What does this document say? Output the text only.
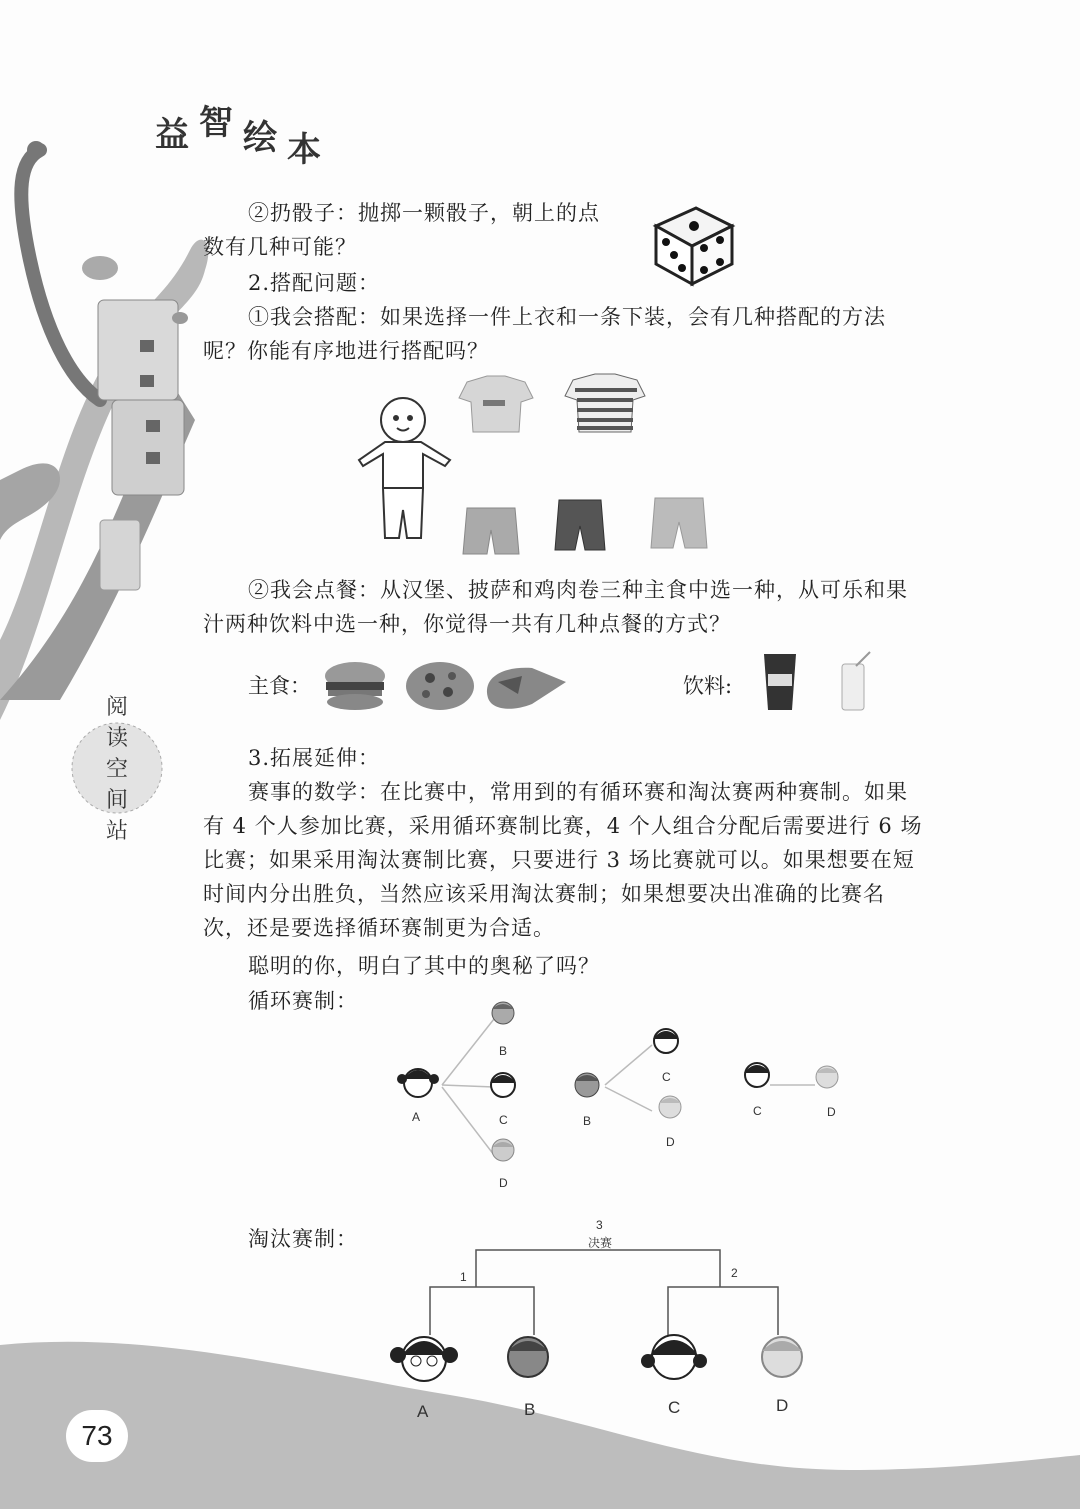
益 智 绘 本
②扔骰子：抛掷一颗骰子，朝上的点
数有几种可能？
2.搭配问题：
①我会搭配：如果选择一件上衣和一条下装，会有几种搭配的方法
呢？你能有序地进行搭配吗？
②我会点餐：从汉堡、披萨和鸡肉卷三种主食中选一种，从可乐和果
汁两种饮料中选一种，你觉得一共有几种点餐的方式？
主食：	饮料:
阅
读
空
间
站
3.拓展延伸：
赛事的数学：在比赛中，常用到的有循环赛和淘汰赛两种赛制。如果
有 4 个人参加比赛，采用循环赛制比赛，4 个人组合分配后需要进行 6 场
比赛；如果采用淘汰赛制比赛，只要进行 3 场比赛就可以。如果想要在短
时间内分出胜负，当然应该采用淘汰赛制；如果想要决出准确的比赛名
次，还是要选择循环赛制更为合适。
聪明的你，明白了其中的奥秘了吗？
循环赛制：
A
B
C
D
B
C
D
C	D
淘汰赛制：
3
决赛
1	2
A	B	C	D
73
